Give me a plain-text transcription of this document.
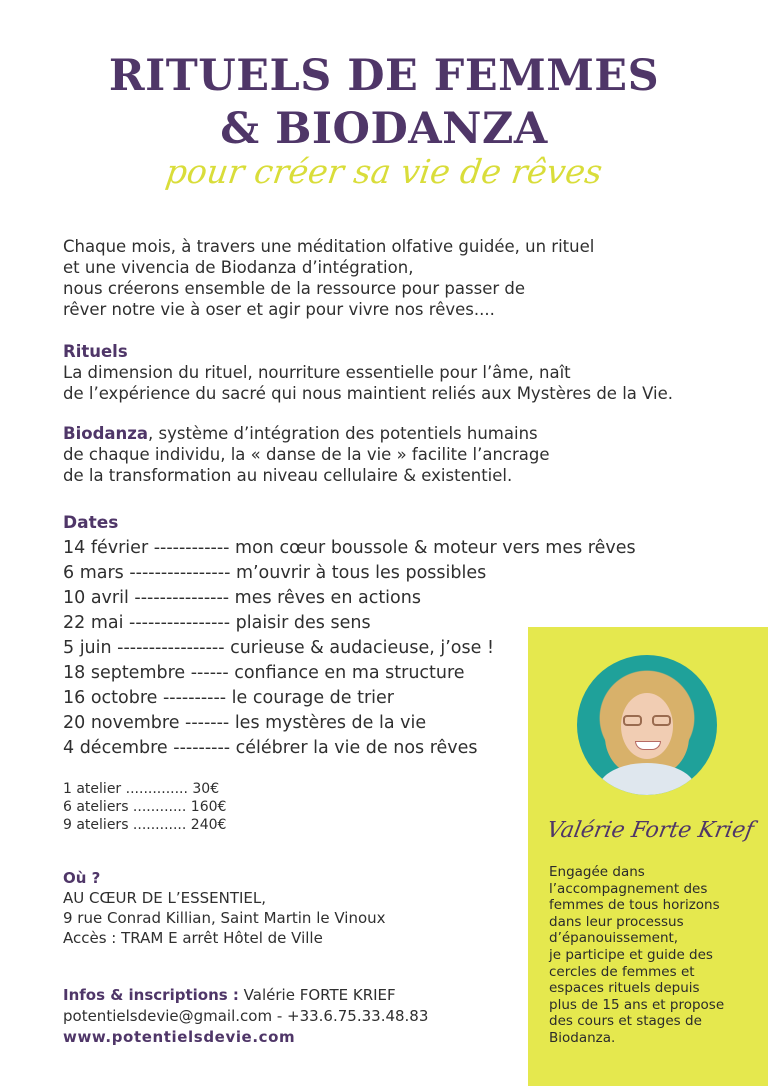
RITUELS DE FEMMES
& BIODANZA
pour créer sa vie de rêves
Chaque mois, à travers une méditation olfative guidée, un rituel
et une vivencia de Biodanza d’intégration,
nous créerons ensemble de la ressource pour passer de
rêver notre vie à oser et agir pour vivre nos rêves....
Rituels
La dimension du rituel, nourriture essentielle pour l’âme, naît
de l’expérience du sacré qui nous maintient reliés aux Mystères de la Vie.
Biodanza, système d’intégration des potentiels humains
de chaque individu, la « danse de la vie » facilite l’ancrage
de la transformation au niveau cellulaire & existentiel.
Dates
14 février ------------ mon cœur boussole & moteur vers mes rêves
6 mars ---------------- m’ouvrir à tous les possibles
10 avril --------------- mes rêves en actions
22 mai ---------------- plaisir des sens
5 juin ----------------- curieuse & audacieuse, j’ose !
18 septembre ------ confiance en ma structure
16 octobre ---------- le courage de trier
20 novembre ------- les mystères de la vie
4 décembre --------- célébrer la vie de nos rêves
1 atelier .............. 30€
6 ateliers ............ 160€
9 ateliers ............ 240€
Où ?
AU CŒUR DE L’ESSENTIEL,
9 rue Conrad Killian, Saint Martin le Vinoux
Accès : TRAM E arrêt Hôtel de Ville
Infos & inscriptions : Valérie FORTE KRIEF
potentielsdevie@gmail.com - +33.6.75.33.48.83
www.potentielsdevie.com
Valérie Forte Krief
Engagée dans
l’accompagnement des
femmes de tous horizons
dans leur processus
d’épanouissement,
je participe et guide des
cercles de femmes et
espaces rituels depuis
plus de 15 ans et propose
des cours et stages de
Biodanza.
